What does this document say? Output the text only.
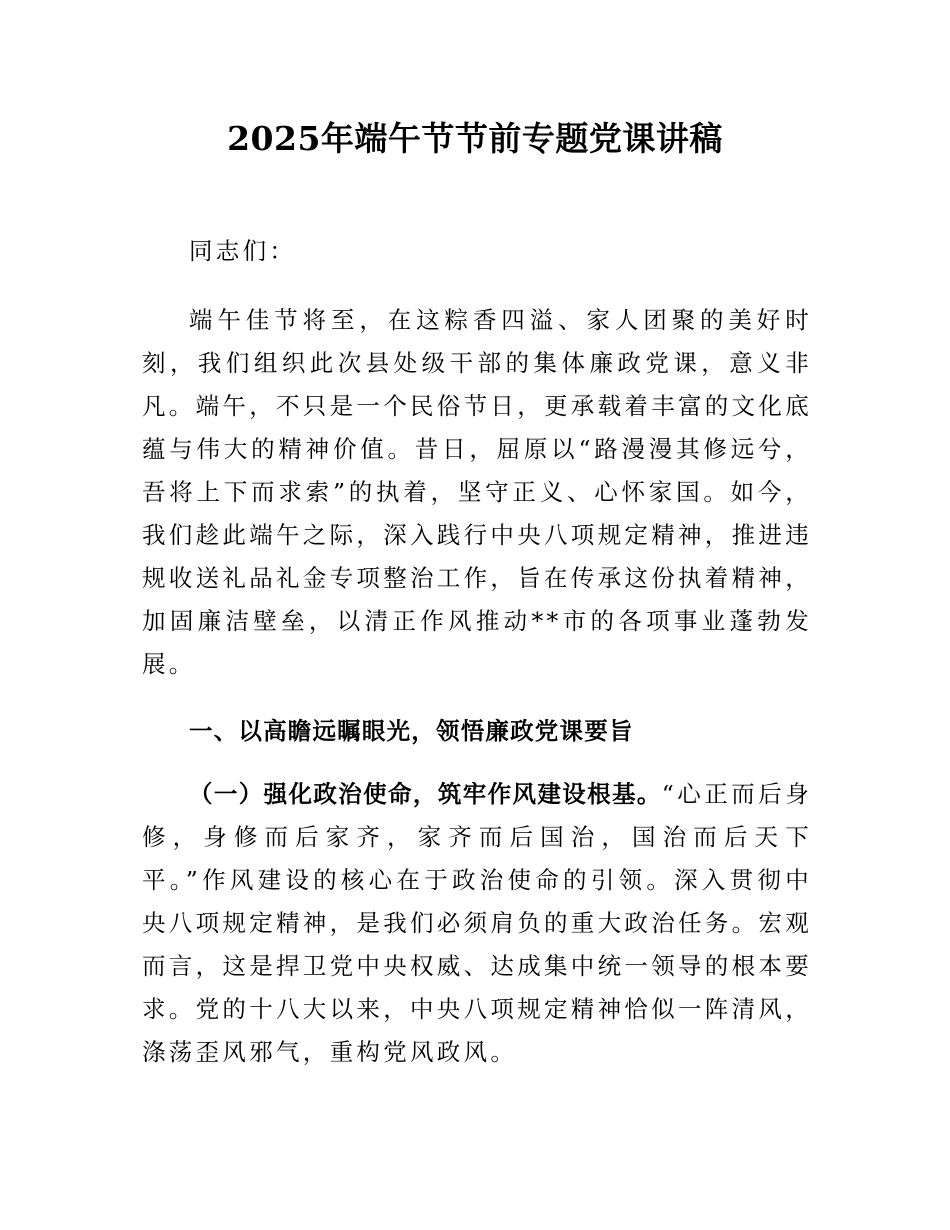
2025年端午节节前专题党课讲稿

同志们：

端午佳节将至，在这粽香四溢、家人团聚的美好时刻，我们组织此次县处级干部的集体廉政党课，意义非凡。端午，不只是一个民俗节日，更承载着丰富的文化底蕴与伟大的精神价值。昔日，屈原以“路漫漫其修远兮，吾将上下而求索”的执着，坚守正义、心怀家国。如今，我们趁此端午之际，深入践行中央八项规定精神，推进违规收送礼品礼金专项整治工作，旨在传承这份执着精神，加固廉洁壁垒，以清正作风推动**市的各项事业蓬勃发展。

一、以高瞻远瞩眼光，领悟廉政党课要旨

（一）强化政治使命，筑牢作风建设根基。“心正而后身修，身修而后家齐，家齐而后国治，国治而后天下平。”作风建设的核心在于政治使命的引领。深入贯彻中央八项规定精神，是我们必须肩负的重大政治任务。宏观而言，这是捍卫党中央权威、达成集中统一领导的根本要求。党的十八大以来，中央八项规定精神恰似一阵清风，涤荡歪风邪气，重构党风政风。
